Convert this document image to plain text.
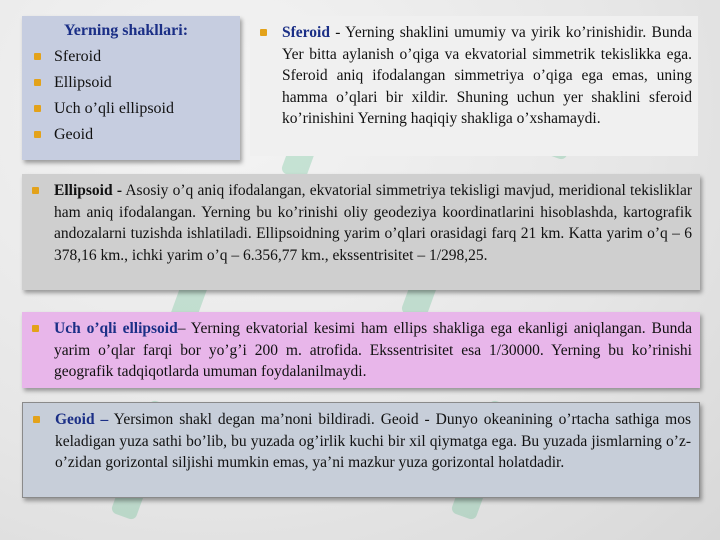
Yerning shakllari:
Sferoid
Ellipsoid
Uch o’qli ellipsoid
Geoid
Sferoid - Yerning shaklini umumiy va yirik ko’rinishidir. Bunda Yer bitta aylanish o’qiga va ekvatorial simmetrik tekislikka ega. Sferoid aniq ifodalangan simmetriya o’qiga ega emas, uning hamma o’qlari bir xildir. Shuning uchun yer shaklini sferoid ko’rinishini Yerning haqiqiy shakliga o’xshamaydi.
Ellipsoid - Asosiy o’q aniq ifodalangan, ekvatorial simmetriya tekisligi mavjud, meridional tekisliklar ham aniq ifodalangan. Yerning bu ko’rinishi oliy geodeziya koordinatlarini hisoblashda, kartografik andozalarni tuzishda ishlatiladi. Ellipsoidning yarim o’qlari orasidagi farq 21 km. Katta yarim o’q – 6 378,16 km., ichki yarim o’q – 6.356,77 km., ekssentrisitet – 1/298,25.
Uch o’qli ellipsoid– Yerning ekvatorial kesimi ham ellips shakliga ega ekanligi aniqlangan. Bunda yarim o’qlar farqi bor yo’g’i 200 m. atrofida. Ekssentrisitet esa 1/30000. Yerning bu ko’rinishi geografik tadqiqotlarda umuman foydalanilmaydi.
Geoid – Yersimon shakl degan ma’noni bildiradi. Geoid - Dunyo okeanining o’rtacha sathiga mos keladigan yuza sathi bo’lib, bu yuzada og’irlik kuchi bir xil qiymatga ega. Bu yuzada jismlarning o’z-o’zidan gorizontal siljishi mumkin emas, ya’ni mazkur yuza gorizontal holatdadir.
